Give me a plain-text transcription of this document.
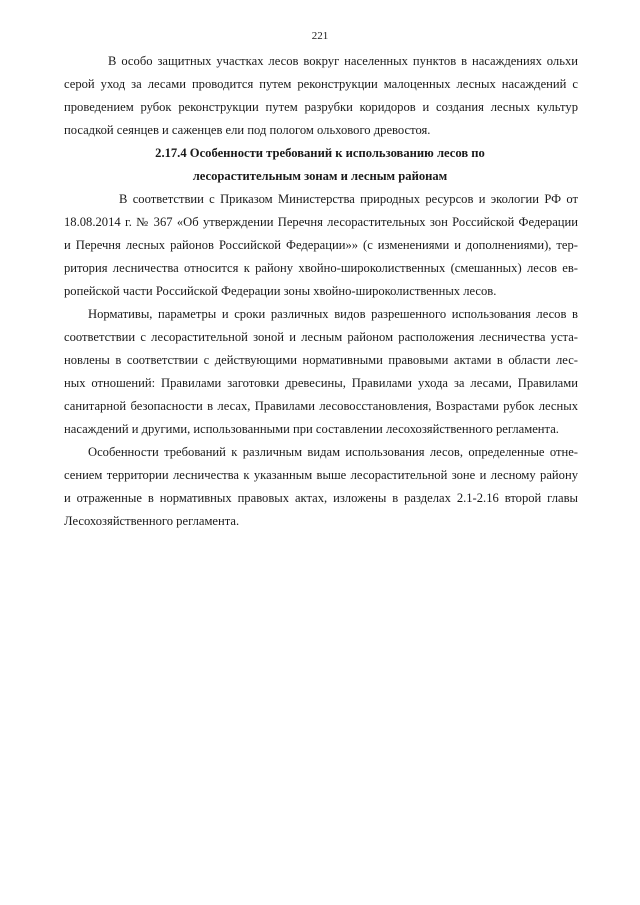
221
В особо защитных участках лесов вокруг населенных пунктов в насаждениях ольхи
серой уход за лесами проводится путем реконструкции малоценных лесных насаждений с
проведением рубок реконструкции путем разрубки коридоров и создания лесных культур
посадкой сеянцев и саженцев ели под пологом ольхового древостоя.
2.17.4 Особенности требований к использованию лесов по
лесорастительным зонам и лесным районам
В соответствии с Приказом Министерства природных ресурсов и экологии РФ от
18.08.2014 г. № 367 «Об утверждении Перечня лесорастительных зон Российской Федерации
и Перечня лесных районов Российской Федерации»» (с изменениями и дополнениями), тер-
ритория лесничества относится к району хвойно-широколиственных (смешанных) лесов ев-
ропейской части Российской Федерации зоны хвойно-широколиственных лесов.
Нормативы, параметры и сроки различных видов разрешенного использования лесов в
соответствии с лесорастительной зоной и лесным районом расположения лесничества уста-
новлены в соответствии с действующими нормативными правовыми актами в области лес-
ных отношений: Правилами заготовки древесины, Правилами ухода за лесами, Правилами
санитарной безопасности в лесах, Правилами лесовосстановления, Возрастами рубок лесных
насаждений и другими, использованными при составлении лесохозяйственного регламента.
Особенности требований к различным видам использования лесов, определенные отне-
сением территории лесничества к указанным выше лесорастительной зоне и лесному району
и отраженные в нормативных правовых актах, изложены в разделах 2.1-2.16 второй главы
Лесохозяйственного регламента.
